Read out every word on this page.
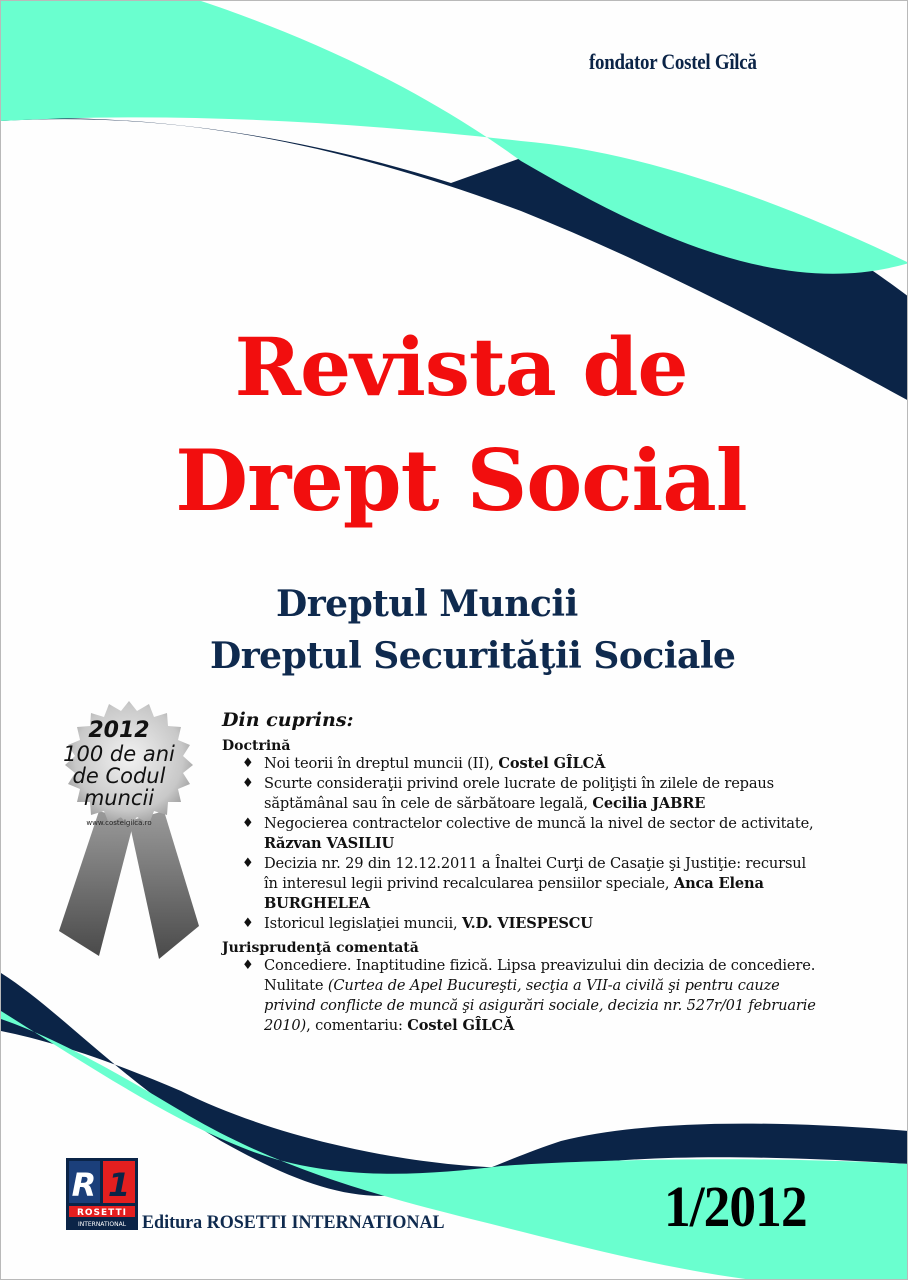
fondator Costel Gîlcă
Revista de
Drept Social
Dreptul Muncii
Dreptul Securităţii Sociale
2012
100 de ani
de Codul
muncii
www.costelgilca.ro
Din cuprins:
Doctrină
♦ Noi teorii în dreptul muncii (II), Costel GÎLCĂ
♦ Scurte consideraţii privind orele lucrate de poliţişti în zilele de repaus săptămânal sau în cele de sărbătoare legală, Cecilia JABRE
♦ Negocierea contractelor colective de muncă la nivel de sector de activitate, Răzvan VASILIU
♦ Decizia nr. 29 din 12.12.2011 a Înaltei Curţi de Casaţie şi Justiţie: recursul în interesul legii privind recalcularea pensiilor speciale, Anca Elena BURGHELEA
♦ Istoricul legislaţiei muncii, V.D. VIESPESCU
Jurisprudenţă comentată
♦ Concediere. Inaptitudine fizică. Lipsa preavizului din decizia de concediere. Nulitate (Curtea de Apel Bucureşti, secţia a VII-a civilă şi pentru cauze privind conflicte de muncă şi asigurări sociale, decizia nr. 527r/01 februarie 2010), comentariu: Costel GÎLCĂ
R 1
ROSETTI
INTERNATIONAL Editura ROSETTI INTERNATIONAL	1/2012
